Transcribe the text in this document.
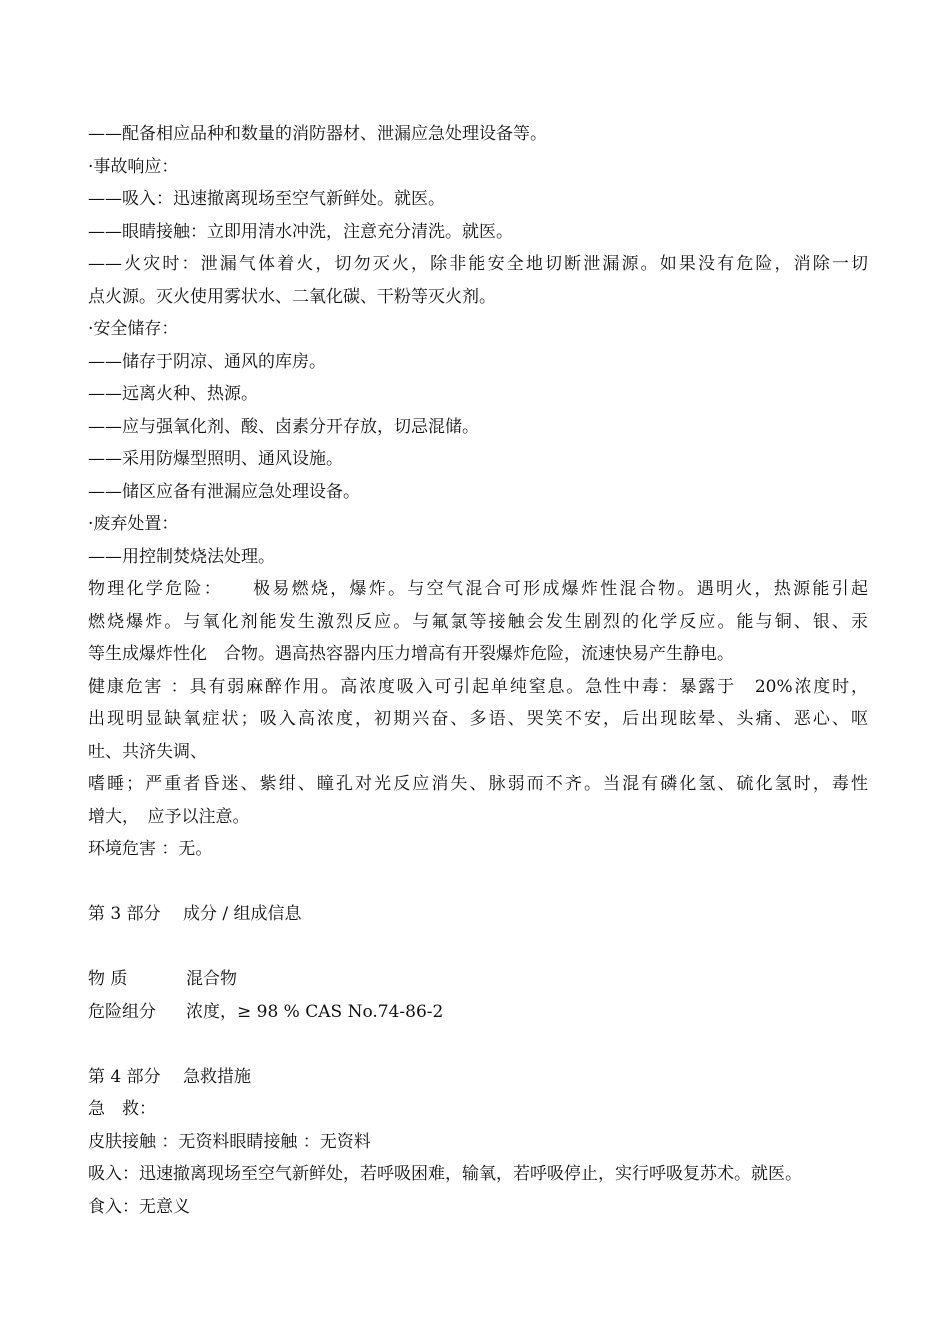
——配备相应品种和数量的消防器材、泄漏应急处理设备等。
·事故响应：
——吸入：迅速撤离现场至空气新鲜处。就医。
——眼睛接触：立即用清水冲洗，注意充分清洗。就医。
——火灾时：泄漏气体着火，切勿灭火，除非能安全地切断泄漏源。如果没有危险，消除一切
点火源。灭火使用雾状水、二氧化碳、干粉等灭火剂。
·安全储存：
——储存于阴凉、通风的库房。
——远离火种、热源。
——应与强氧化剂、酸、卤素分开存放，切忌混储。
——采用防爆型照明、通风设施。
——储区应备有泄漏应急处理设备。
·废弃处置：
——用控制焚烧法处理。
物理化学危险：　　极易燃烧，爆炸。与空气混合可形成爆炸性混合物。遇明火，热源能引起
燃烧爆炸。与氧化剂能发生激烈反应。与氟氯等接触会发生剧烈的化学反应。能与铜、银、汞
等生成爆炸性化　合物。遇高热容器内压力增高有开裂爆炸危险，流速快易产生静电。
健康危害 ：具有弱麻醉作用。高浓度吸入可引起单纯窒息。急性中毒：暴露于　20%浓度时，
出现明显缺氧症状；吸入高浓度，初期兴奋、多语、哭笑不安，后出现眩晕、头痛、恶心、呕
吐、共济失调、
嗜睡；严重者昏迷、紫绀、瞳孔对光反应消失、脉弱而不齐。当混有磷化氢、硫化氢时，毒性
增大，　应予以注意。
环境危害 ：无。
第 3 部分　 成分 / 组成信息
物 质	混合物
危险组分	浓度，≥ 98 % CAS No.74-86-2
第 4 部分　 急救措施
急　救：
皮肤接触 ：无资料眼睛接触 ：无资料
吸入：迅速撤离现场至空气新鲜处，若呼吸困难，输氧，若呼吸停止，实行呼吸复苏术。就医。
食入：无意义
